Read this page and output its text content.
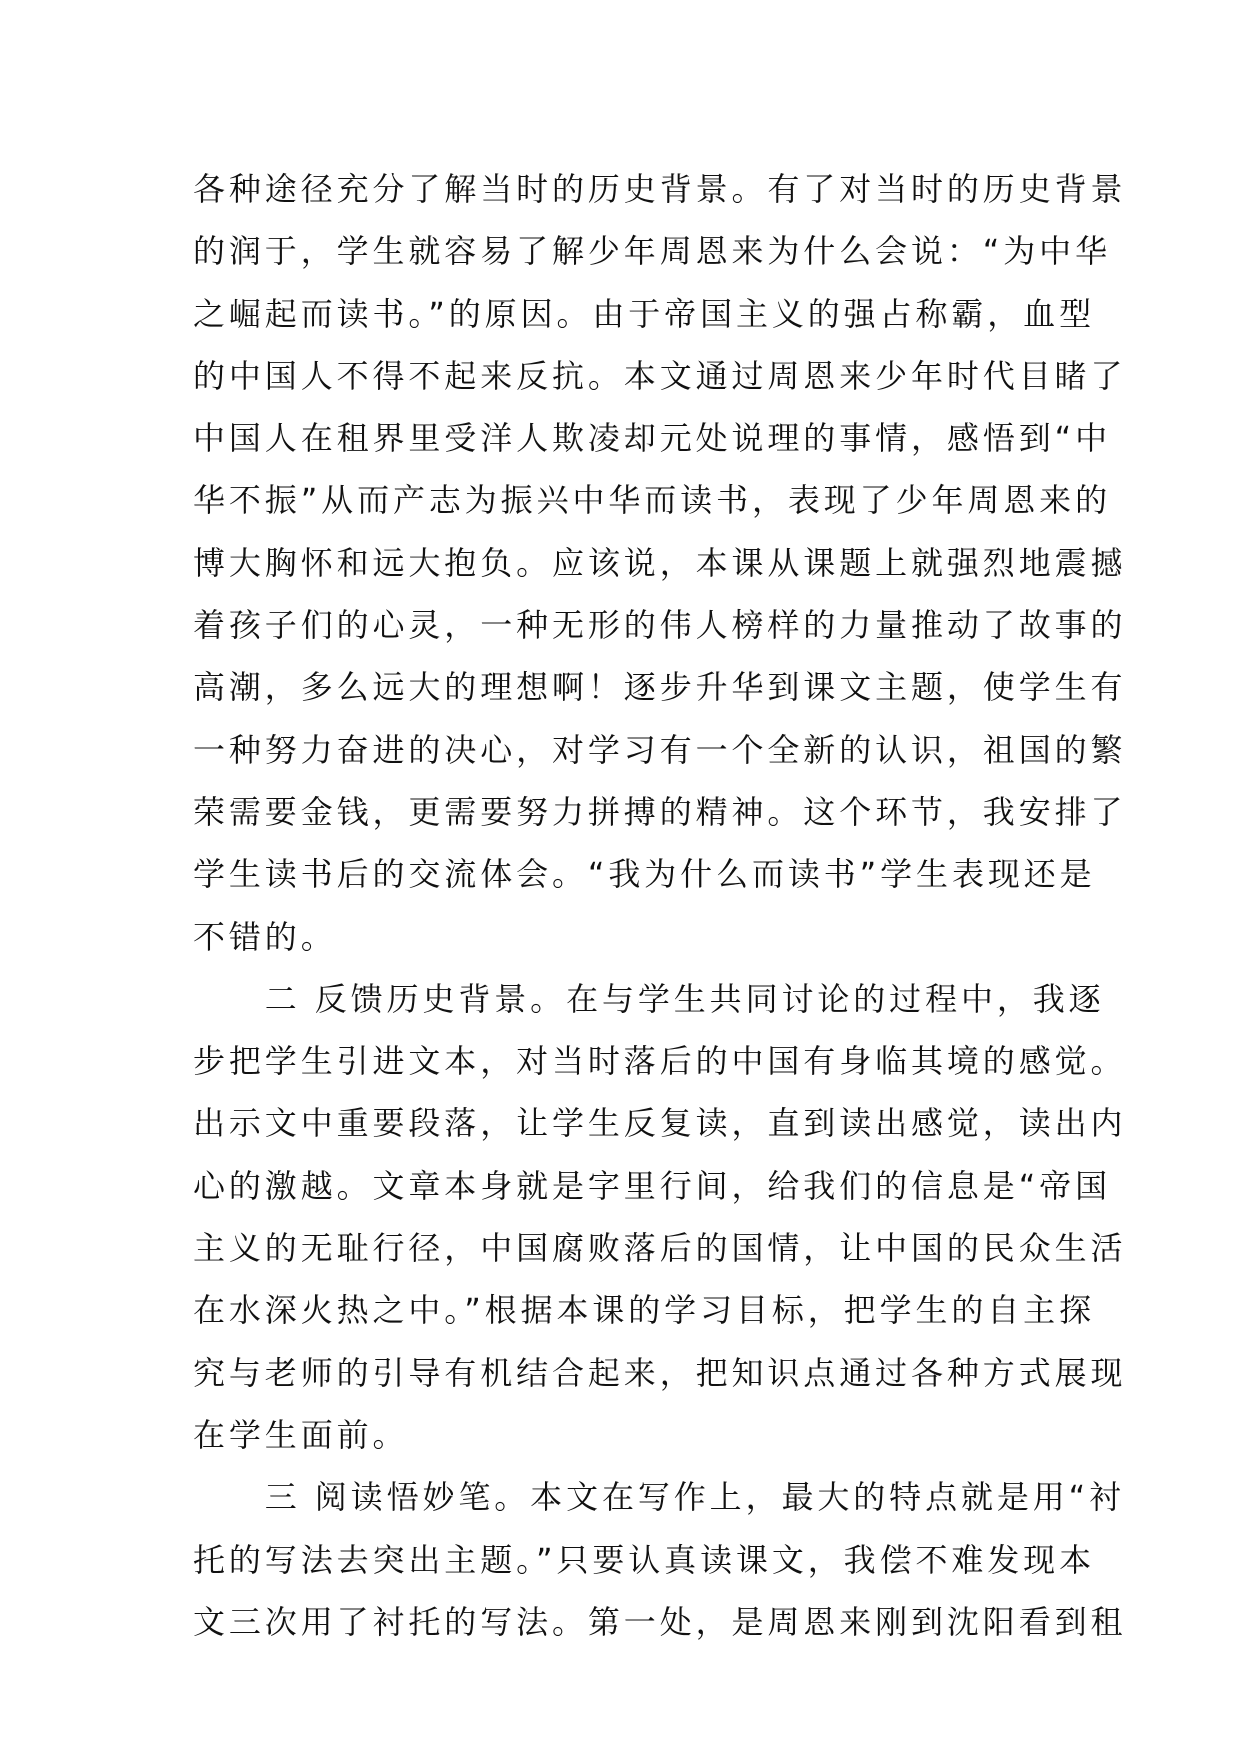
各种途径充分了解当时的历史背景。有了对当时的历史背景
的润于，学生就容易了解少年周恩来为什么会说：“为中华
之崛起而读书。”的原因。由于帝国主义的强占称霸，血型
的中国人不得不起来反抗。本文通过周恩来少年时代目睹了
中国人在租界里受洋人欺凌却元处说理的事情，感悟到“中
华不振”从而产志为振兴中华而读书，表现了少年周恩来的
博大胸怀和远大抱负。应该说，本课从课题上就强烈地震撼
着孩子们的心灵，一种无形的伟人榜样的力量推动了故事的
高潮，多么远大的理想啊！逐步升华到课文主题，使学生有
一种努力奋进的决心，对学习有一个全新的认识，祖国的繁
荣需要金钱，更需要努力拼搏的精神。这个环节，我安排了
学生读书后的交流体会。“我为什么而读书”学生表现还是
不错的。
　　二 反馈历史背景。在与学生共同讨论的过程中，我逐
步把学生引进文本，对当时落后的中国有身临其境的感觉。
出示文中重要段落，让学生反复读，直到读出感觉，读出内
心的激越。文章本身就是字里行间，给我们的信息是“帝国
主义的无耻行径，中国腐败落后的国情，让中国的民众生活
在水深火热之中。”根据本课的学习目标，把学生的自主探
究与老师的引导有机结合起来，把知识点通过各种方式展现
在学生面前。
　　三 阅读悟妙笔。本文在写作上，最大的特点就是用“衬
托的写法去突出主题。”只要认真读课文，我偿不难发现本
文三次用了衬托的写法。第一处，是周恩来刚到沈阳看到租
